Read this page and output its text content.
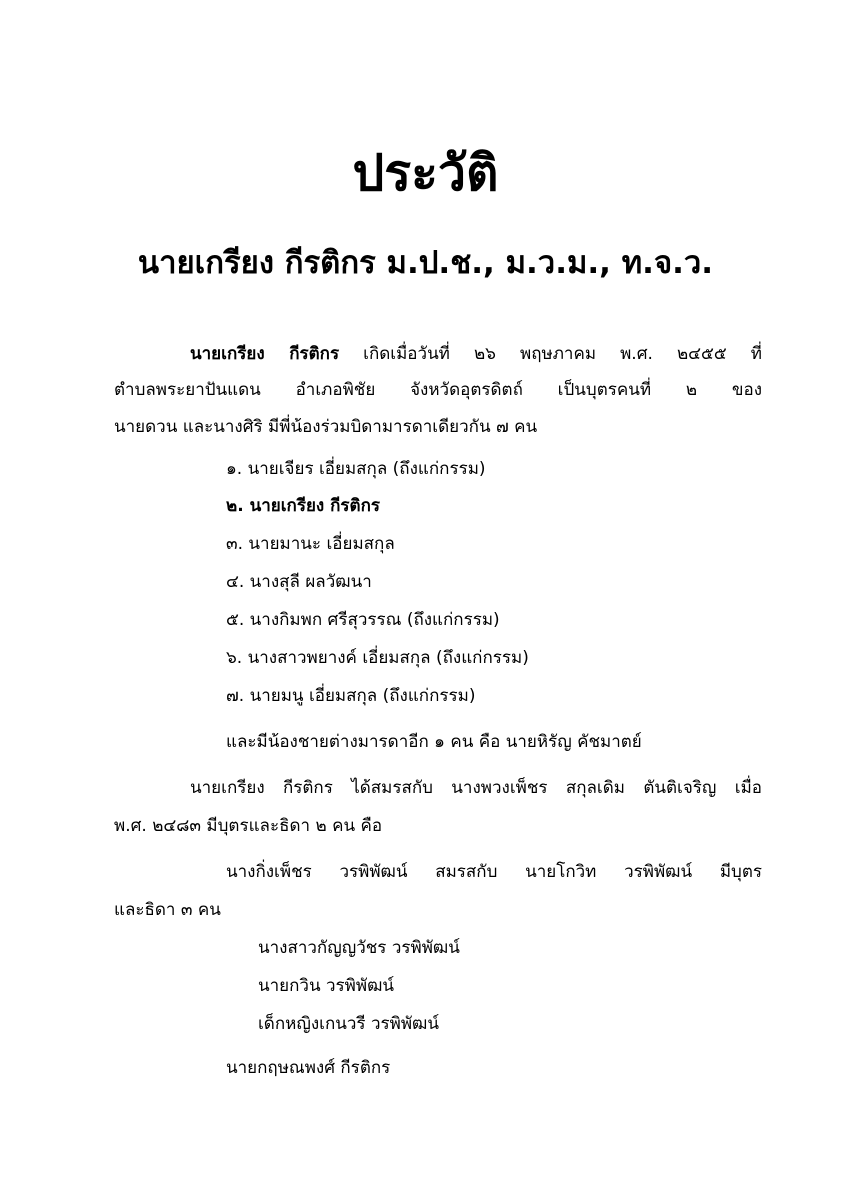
ประวัติ
นายเกรียง กีรติกร ม.ป.ช., ม.ว.ม., ท.จ.ว.
นายเกรียง กีรติกร เกิดเมื่อวันที่ ๒๖ พฤษภาคม พ.ศ. ๒๔๕๕ ที่
ตำบลพระยาปันแดน อำเภอพิชัย จังหวัดอุตรดิตถ์ เป็นบุตรคนที่ ๒ ของ
นายดวน และนางศิริ มีพี่น้องร่วมบิดามารดาเดียวกัน ๗ คน
๑. นายเจียร เอี่ยมสกุล (ถึงแก่กรรม)
๒. นายเกรียง กีรติกร
๓. นายมานะ เอี่ยมสกุล
๔. นางสุลี ผลวัฒนา
๕. นางกิมพก ศรีสุวรรณ (ถึงแก่กรรม)
๖. นางสาวพยางค์ เอี่ยมสกุล (ถึงแก่กรรม)
๗. นายมนู เอี่ยมสกุล (ถึงแก่กรรม)
และมีน้องชายต่างมารดาอีก ๑ คน คือ นายหิรัญ คัชมาตย์
นายเกรียง กีรติกร ได้สมรสกับ นางพวงเพ็ชร สกุลเดิม ตันติเจริญ เมื่อ
พ.ศ. ๒๔๘๓ มีบุตรและธิดา ๒ คน คือ
นางกิ่งเพ็ชร วรพิพัฒน์ สมรสกับ นายโกวิท วรพิพัฒน์ มีบุตร
และธิดา ๓ คน
นางสาวกัญญวัชร วรพิพัฒน์
นายกวิน วรพิพัฒน์
เด็กหญิงเกนวรี วรพิพัฒน์
นายกฤษณพงศ์ กีรติกร
